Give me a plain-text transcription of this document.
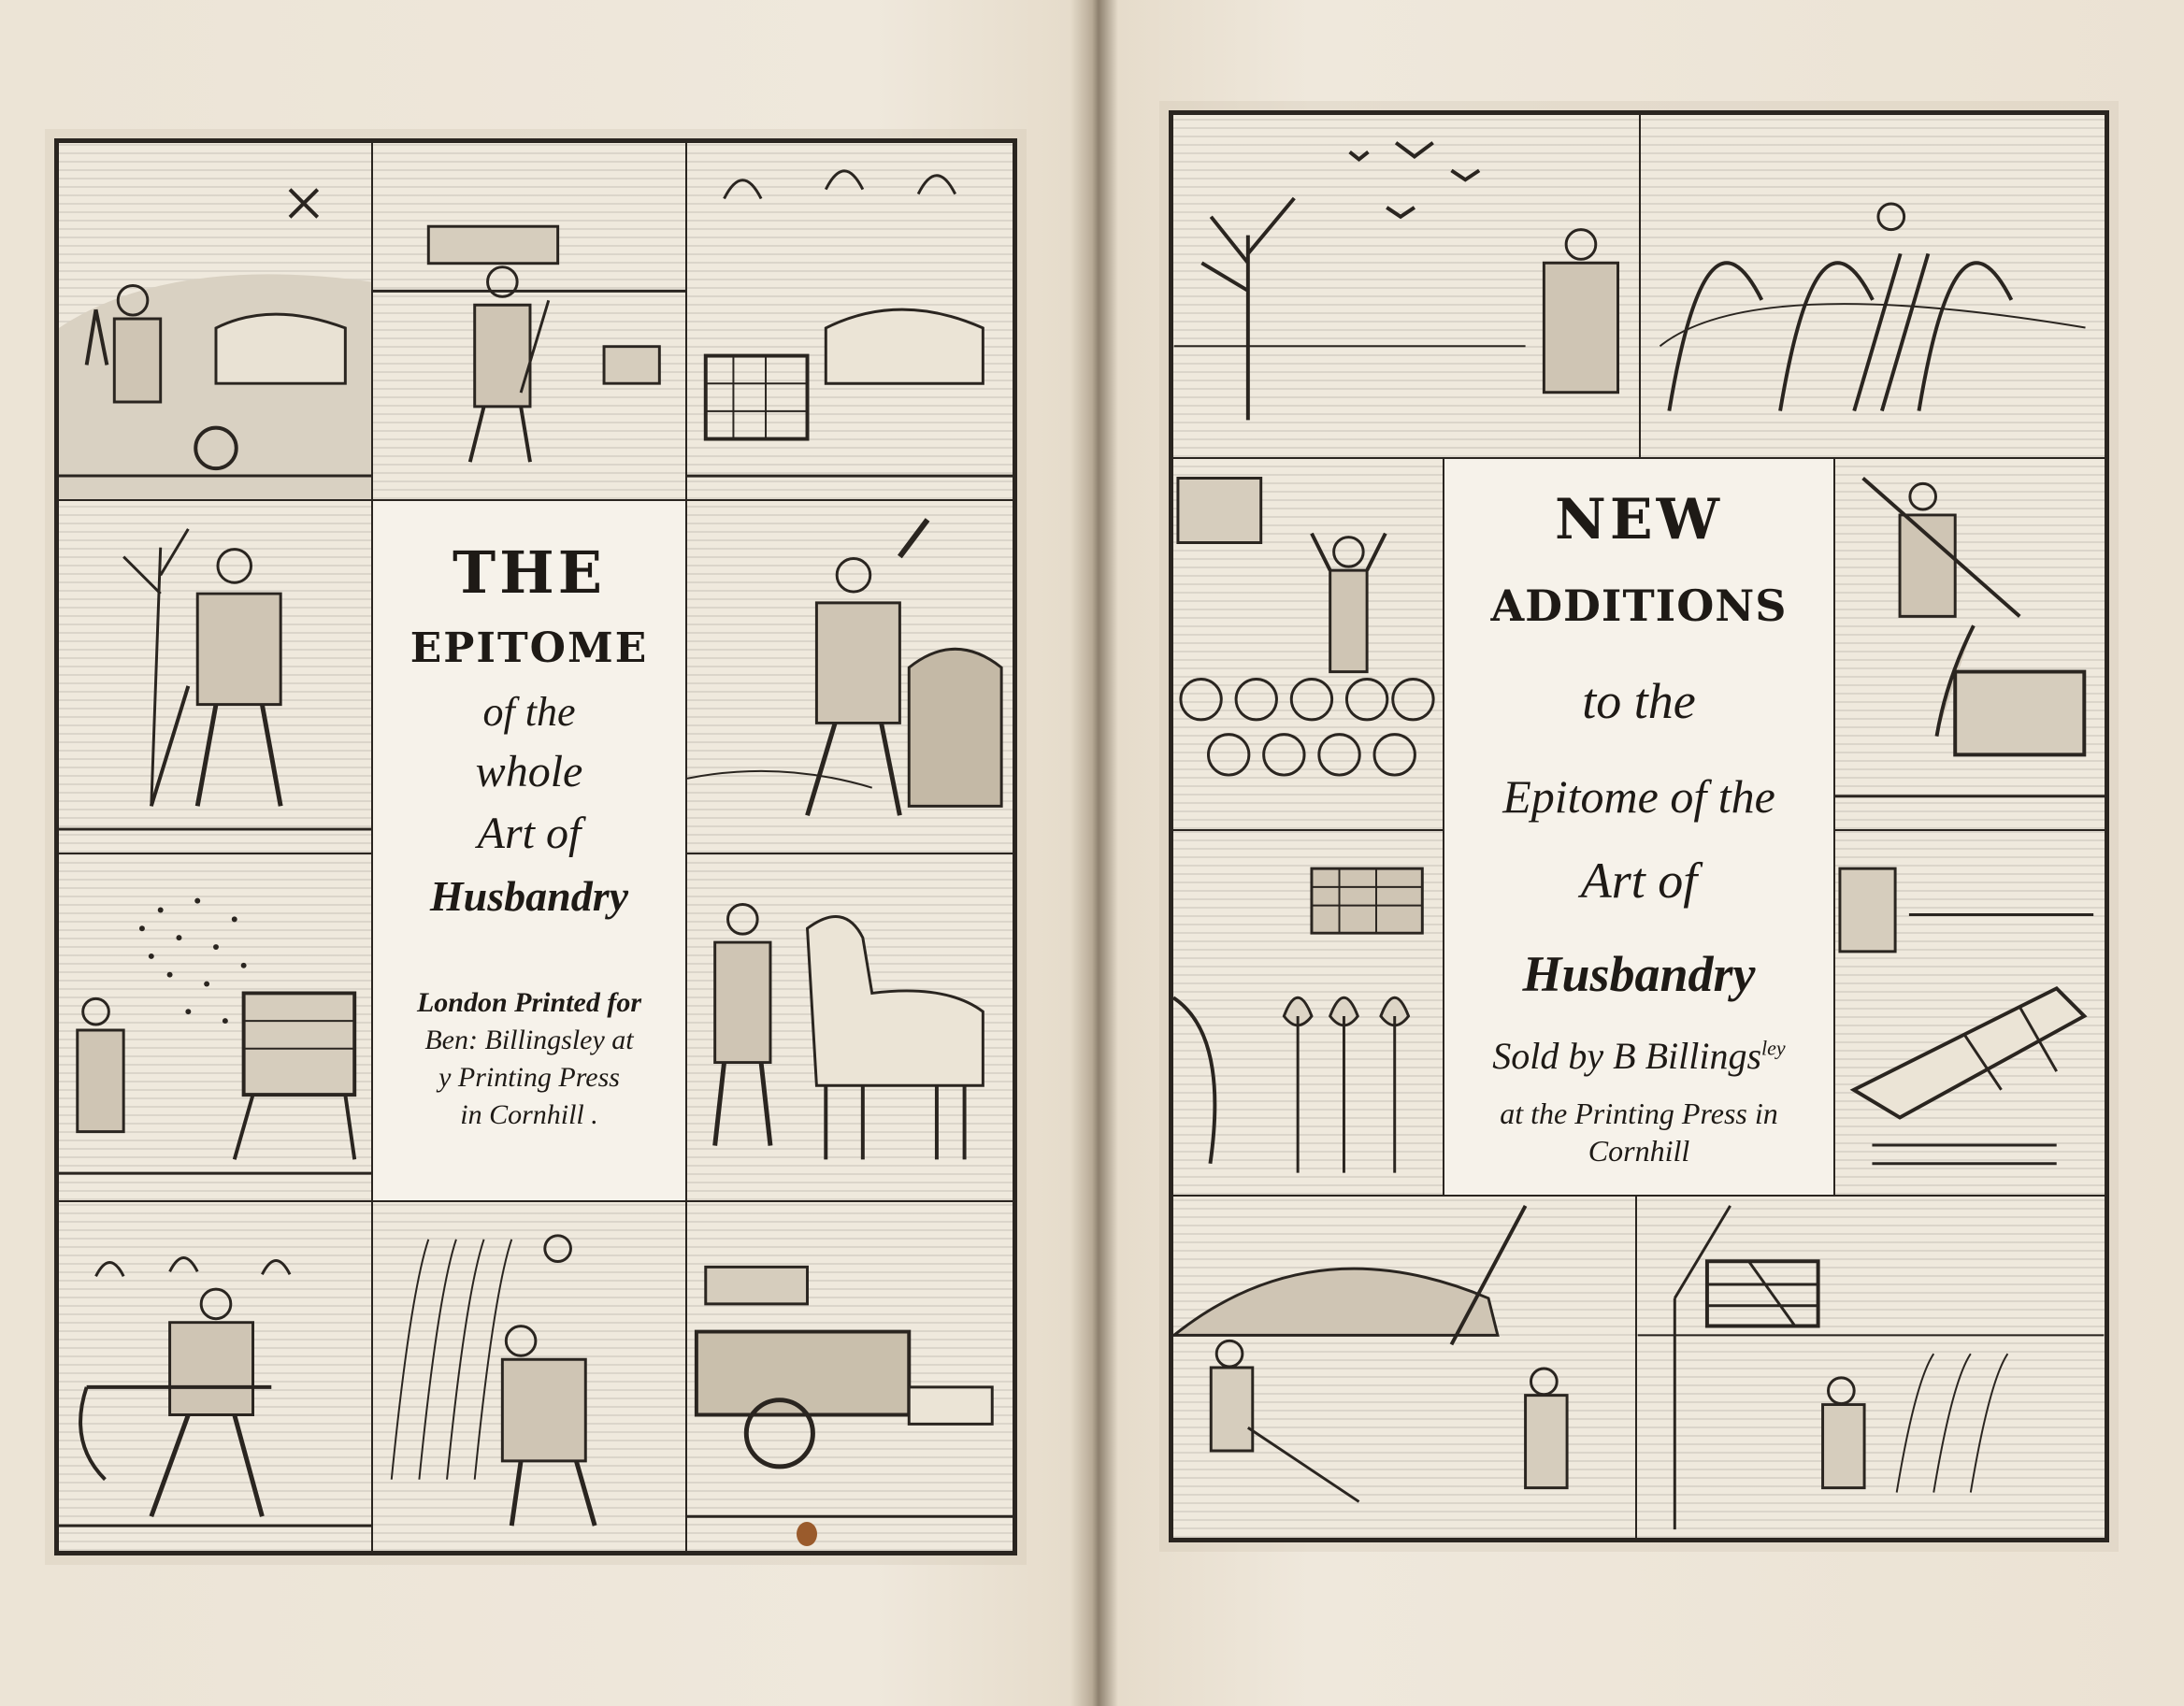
THE
EPITOME
of the
whole
Art of
Husbandry
London Printed for
Ben: Billingsley at
y Printing Press
in Cornhill .
NEW
ADDITIONS
to the
Epitome of the
Art of
Husbandry
Sold by B Billings$^{ley}$
at the Printing Press in
Cornhill
